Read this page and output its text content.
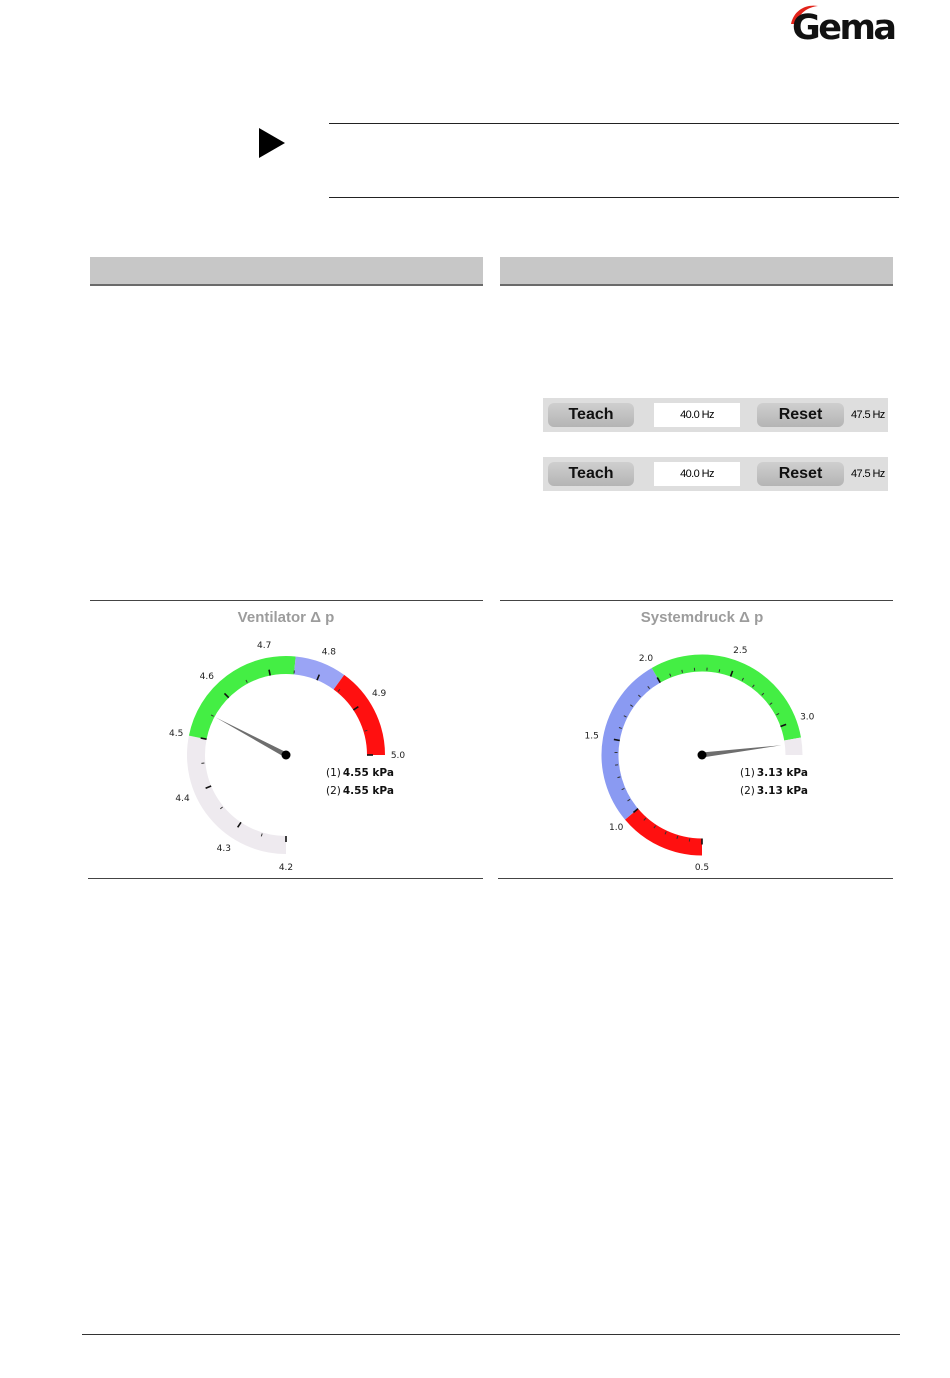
Gema
Teach	40.0 Hz	Reset	47.5 Hz
Teach	40.0 Hz	Reset	47.5 Hz
Ventilator Δ p
4.2
4.3
4.4
4.5
4.6
4.7
4.8
4.9
5.0
(1) 4.55 kPa
(2) 4.55 kPa
Systemdruck Δ p
0.5
1.0
1.5
2.0
2.5
3.0
(1) 3.13 kPa
(2) 3.13 kPa
